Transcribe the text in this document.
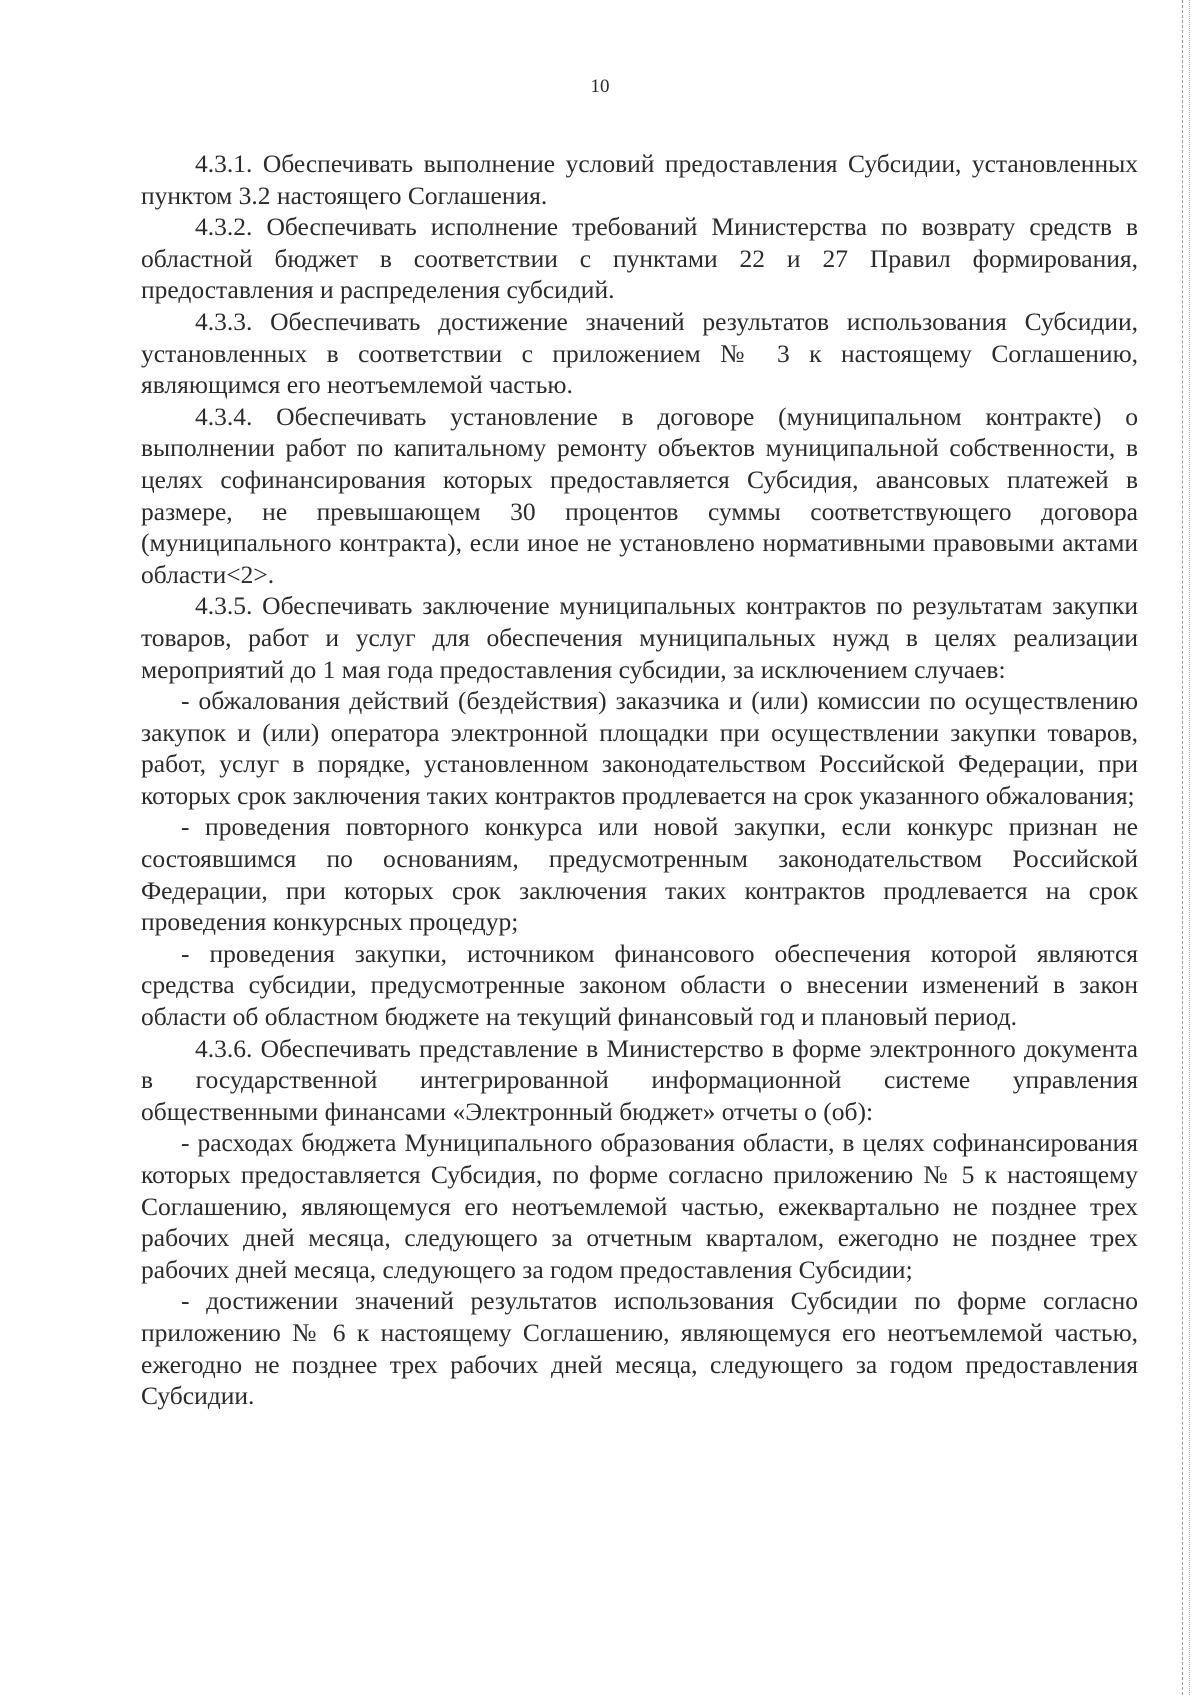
10

4.3.1. Обеспечивать выполнение условий предоставления Субсидии, установленных пунктом 3.2 настоящего Соглашения.

4.3.2. Обеспечивать исполнение требований Министерства по возврату средств в областной бюджет в соответствии с пунктами 22 и 27 Правил формирования, предоставления и распределения субсидий.

4.3.3. Обеспечивать достижение значений результатов использования Субсидии, установленных в соответствии с приложением № 3 к настоящему Соглашению, являющимся его неотъемлемой частью.

4.3.4. Обеспечивать установление в договоре (муниципальном контракте) о выполнении работ по капитальному ремонту объектов муниципальной собственности, в целях софинансирования которых предоставляется Субсидия, авансовых платежей в размере, не превышающем 30 процентов суммы соответствующего договора (муниципального контракта), если иное не установлено нормативными правовыми актами области<2>.

4.3.5. Обеспечивать заключение муниципальных контрактов по результатам закупки товаров, работ и услуг для обеспечения муниципальных нужд в целях реализации мероприятий до 1 мая года предоставления субсидии, за исключением случаев:

- обжалования действий (бездействия) заказчика и (или) комиссии по осуществлению закупок и (или) оператора электронной площадки при осуществлении закупки товаров, работ, услуг в порядке, установленном законодательством Российской Федерации, при которых срок заключения таких контрактов продлевается на срок указанного обжалования;

- проведения повторного конкурса или новой закупки, если конкурс признан не состоявшимся по основаниям, предусмотренным законодательством Российской Федерации, при которых срок заключения таких контрактов продлевается на срок проведения конкурсных процедур;

- проведения закупки, источником финансового обеспечения которой являются средства субсидии, предусмотренные законом области о внесении изменений в закон области об областном бюджете на текущий финансовый год и плановый период.

4.3.6. Обеспечивать представление в Министерство в форме электронного документа в государственной интегрированной информационной системе управления общественными финансами «Электронный бюджет» отчеты о (об):

- расходах бюджета Муниципального образования области, в целях софинансирования которых предоставляется Субсидия, по форме согласно приложению № 5 к настоящему Соглашению, являющемуся его неотъемлемой частью, ежеквартально не позднее трех рабочих дней месяца, следующего за отчетным кварталом, ежегодно не позднее трех рабочих дней месяца, следующего за годом предоставления Субсидии;

- достижении значений результатов использования Субсидии по форме согласно приложению № 6 к настоящему Соглашению, являющемуся его неотъемлемой частью, ежегодно не позднее трех рабочих дней месяца, следующего за годом предоставления Субсидии.
